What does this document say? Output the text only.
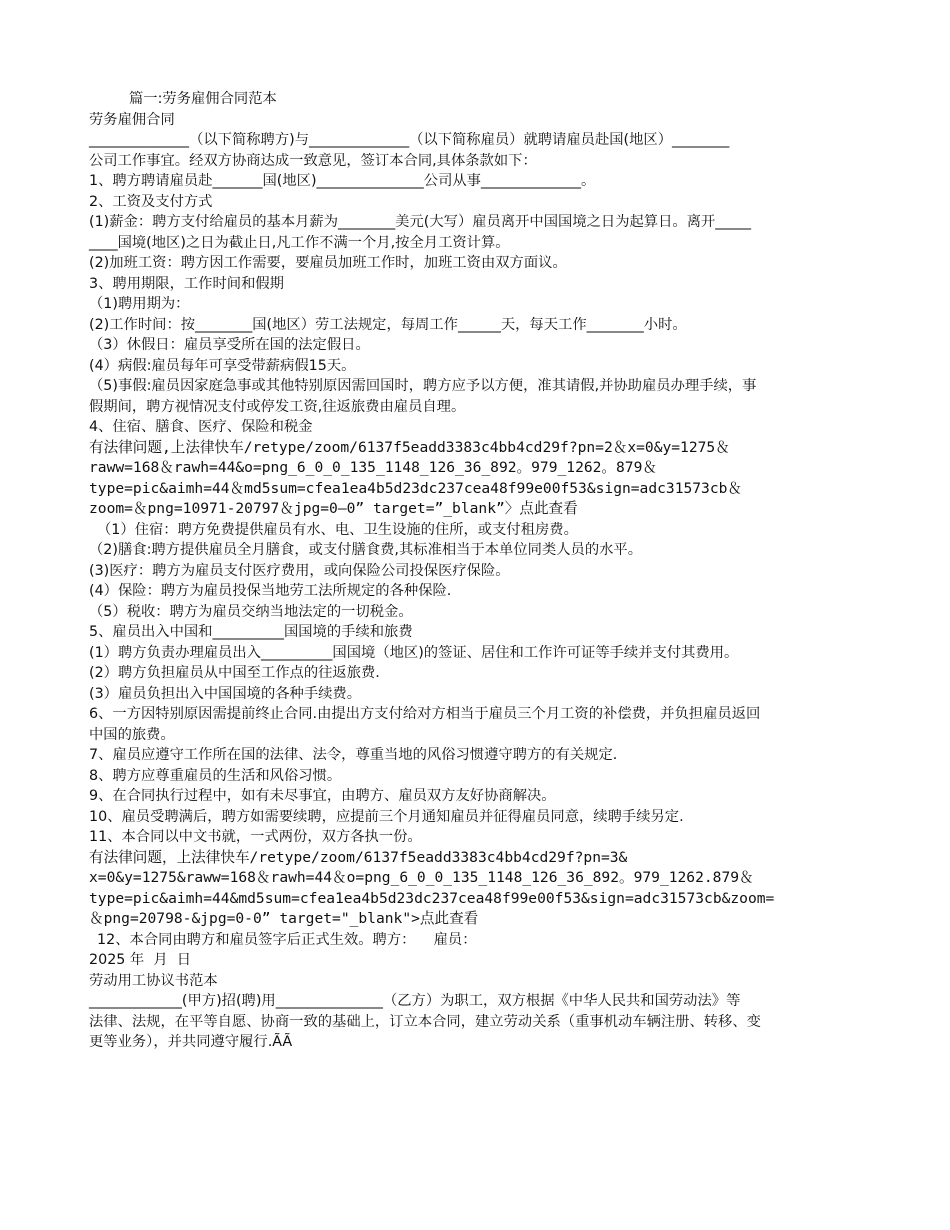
篇一:劳务雇佣合同范本
劳务雇佣合同
______________（以下简称聘方)与______________（以下简称雇员）就聘请雇员赴国(地区）________
公司工作事宜。经双方协商达成一致意见，签订本合同,具体条款如下：
1、聘方聘请雇员赴_______国(地区)_______________公司从事______________。
2、工资及支付方式
(1)薪金：聘方支付给雇员的基本月薪为________美元(大写）雇员离开中国国境之日为起算日。离开_____
____国境(地区)之日为截止日,凡工作不满一个月,按全月工资计算。
(2)加班工资：聘方因工作需要，要雇员加班工作时，加班工资由双方面议。
3、聘用期限，工作时间和假期
（1)聘用期为：
(2)工作时间：按________国(地区）劳工法规定，每周工作______天，每天工作________小时。
（3）休假日：雇员享受所在国的法定假日。
(4）病假:雇员每年可享受带薪病假15天。
（5)事假:雇员因家庭急事或其他特别原因需回国时，聘方应予以方便，准其请假,并协助雇员办理手续，事
假期间，聘方视情况支付或停发工资,往返旅费由雇员自理。
4、住宿、膳食、医疗、保险和税金
有法律问题,上法律快车/retype/zoom/6137f5eadd3383c4bb4cd29f?pn=2＆x=0&y=1275＆
raww=168＆rawh=44&o=png_6_0_0_135_1148_126_36_892。979_1262。879＆
type=pic&aimh=44＆md5sum=cfea1ea4b5d23dc237cea48f99e00f53&sign=adc31573cb＆
zoom=＆png=10971-20797＆jpg=0—0” target=”_blank”〉点此查看
（1）住宿：聘方免费提供雇员有水、电、卫生设施的住所，或支付租房费。
（2)膳食:聘方提供雇员全月膳食，或支付膳食费,其标准相当于本单位同类人员的水平。
(3)医疗：聘方为雇员支付医疗费用，或向保险公司投保医疗保险。
(4）保险：聘方为雇员投保当地劳工法所规定的各种保险.
（5）税收：聘方为雇员交纳当地法定的一切税金。
5、雇员出入中国和__________国国境的手续和旅费
(1）聘方负责办理雇员出入__________国国境（地区)的签证、居住和工作许可证等手续并支付其费用。
(2）聘方负担雇员从中国至工作点的往返旅费.
(3）雇员负担出入中国国境的各种手续费。
6、一方因特别原因需提前终止合同.由提出方支付给对方相当于雇员三个月工资的补偿费，并负担雇员返回
中国的旅费。
7、雇员应遵守工作所在国的法律、法令，尊重当地的风俗习惯遵守聘方的有关规定.
8、聘方应尊重雇员的生活和风俗习惯。
9、在合同执行过程中，如有未尽事宜，由聘方、雇员双方友好协商解决。
10、雇员受聘满后，聘方如需要续聘，应提前三个月通知雇员并征得雇员同意，续聘手续另定.
11、本合同以中文书就，一式两份，双方各执一份。
有法律问题，上法律快车/retype/zoom/6137f5eadd3383c4bb4cd29f?pn=3&
x=0&y=1275&raww=168＆rawh=44＆o=png_6_0_0_135_1148_126_36_892。979_1262.879＆
type=pic&aimh=44&md5sum=cfea1ea4b5d23dc237cea48f99e00f53&sign=adc31573cb&zoom=
＆png=20798-&jpg=0-0” target="_blank">点此查看
12、本合同由聘方和雇员签字后正式生效。聘方：    雇员：
2025 年  月  日
劳动用工协议书范本
_____________(甲方)招(聘)用_______________（乙方）为职工，双方根据《中华人民共和国劳动法》等
法律、法规，在平等自愿、协商一致的基础上，订立本合同，建立劳动关系（重事机动车辆注册、转移、变
更等业务），并共同遵守履行.ÃÃ
